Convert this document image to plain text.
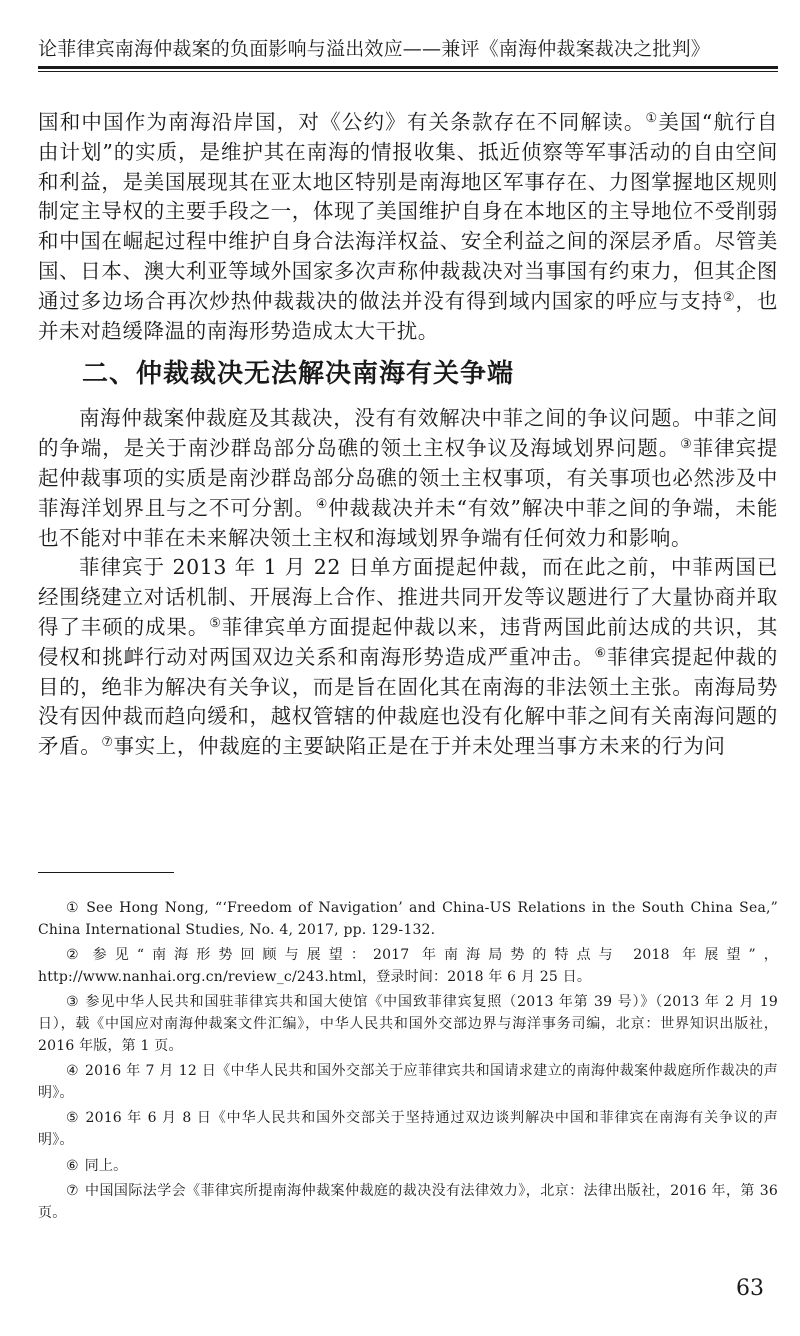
论菲律宾南海仲裁案的负面影响与溢出效应——兼评《南海仲裁案裁决之批判》

国和中国作为南海沿岸国，对《公约》有关条款存在不同解读。①美国“航行自由计划”的实质，是维护其在南海的情报收集、抵近侦察等军事活动的自由空间和利益，是美国展现其在亚太地区特别是南海地区军事存在、力图掌握地区规则制定主导权的主要手段之一，体现了美国维护自身在本地区的主导地位不受削弱和中国在崛起过程中维护自身合法海洋权益、安全利益之间的深层矛盾。尽管美国、日本、澳大利亚等域外国家多次声称仲裁裁决对当事国有约束力，但其企图通过多边场合再次炒热仲裁裁决的做法并没有得到域内国家的呼应与支持②，也并未对趋缓降温的南海形势造成太大干扰。

二、仲裁裁决无法解决南海有关争端

南海仲裁案仲裁庭及其裁决，没有有效解决中菲之间的争议问题。中菲之间的争端，是关于南沙群岛部分岛礁的领土主权争议及海域划界问题。③菲律宾提起仲裁事项的实质是南沙群岛部分岛礁的领土主权事项，有关事项也必然涉及中菲海洋划界且与之不可分割。④仲裁裁决并未“有效”解决中菲之间的争端，未能也不能对中菲在未来解决领土主权和海域划界争端有任何效力和影响。

菲律宾于 2013 年 1 月 22 日单方面提起仲裁，而在此之前，中菲两国已经围绕建立对话机制、开展海上合作、推进共同开发等议题进行了大量协商并取得了丰硕的成果。⑤菲律宾单方面提起仲裁以来，违背两国此前达成的共识，其侵权和挑衅行动对两国双边关系和南海形势造成严重冲击。⑥菲律宾提起仲裁的目的，绝非为解决有关争议，而是旨在固化其在南海的非法领土主张。南海局势没有因仲裁而趋向缓和，越权管辖的仲裁庭也没有化解中菲之间有关南海问题的矛盾。⑦事实上，仲裁庭的主要缺陷正是在于并未处理当事方未来的行为问

① See Hong Nong, “‘Freedom of Navigation’ and China-US Relations in the South China Sea,” China International Studies, No. 4, 2017, pp. 129-132.

② 参见“南海形势回顾与展望：2017 年南海局势的特点与 2018 年展望”，http://www.nanhai.org.cn/review_c/243.html，登录时间：2018 年 6 月 25 日。

③ 参见中华人民共和国驻菲律宾共和国大使馆《中国致菲律宾复照（2013 年第 39 号）》（2013 年 2 月 19 日），载《中国应对南海仲裁案文件汇编》，中华人民共和国外交部边界与海洋事务司编，北京：世界知识出版社，2016 年版，第 1 页。

④ 2016 年 7 月 12 日《中华人民共和国外交部关于应菲律宾共和国请求建立的南海仲裁案仲裁庭所作裁决的声明》。

⑤ 2016 年 6 月 8 日《中华人民共和国外交部关于坚持通过双边谈判解决中国和菲律宾在南海有关争议的声明》。

⑥ 同上。

⑦ 中国国际法学会《菲律宾所提南海仲裁案仲裁庭的裁决没有法律效力》，北京：法律出版社，2016 年，第 36 页。

63
